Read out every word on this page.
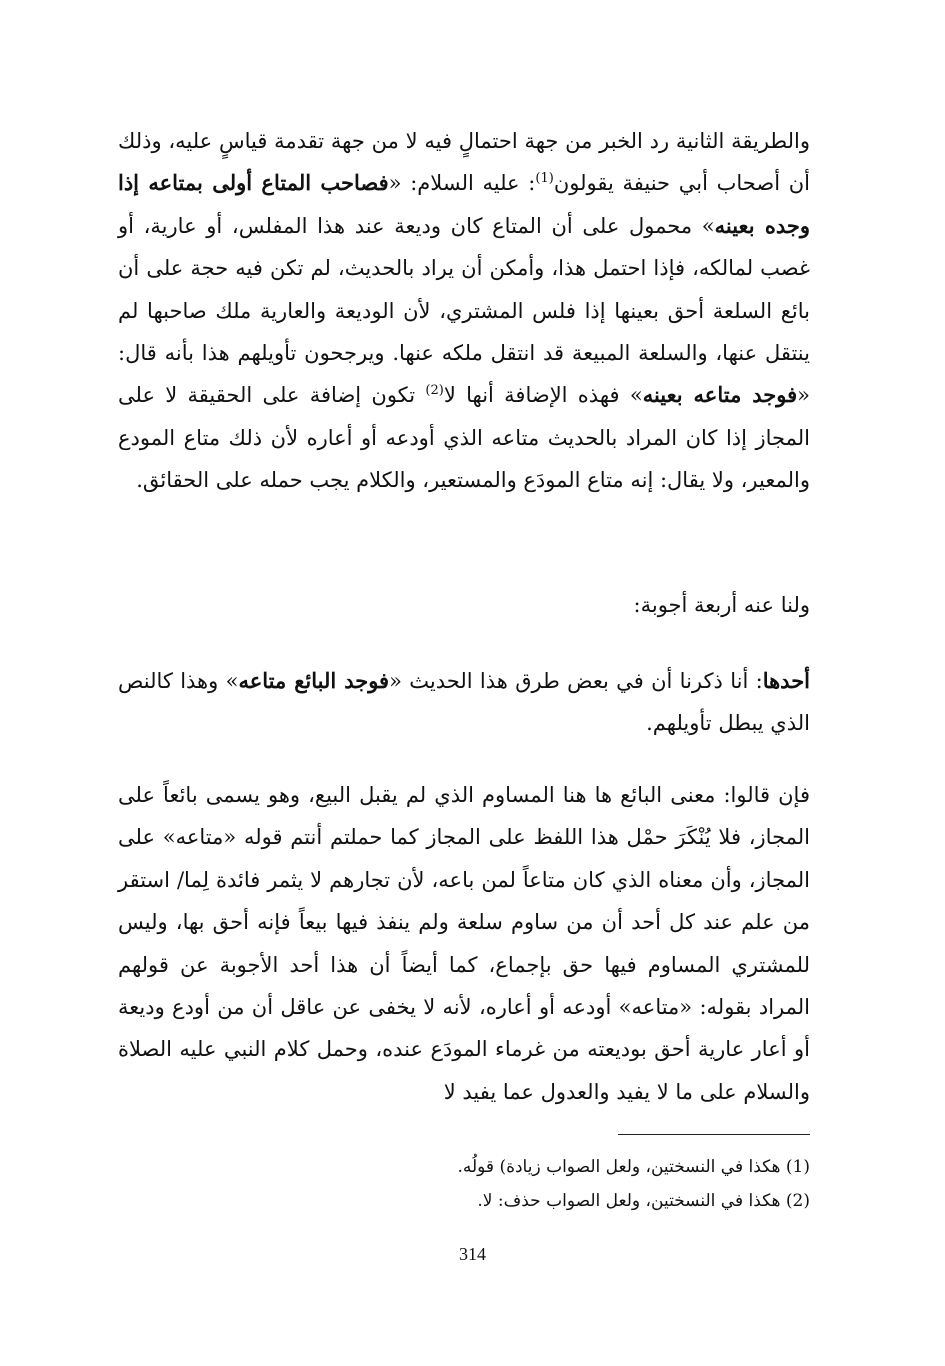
والطريقة الثانية رد الخبر من جهة احتمالٍ فيه لا من جهة تقدمة قياسٍ عليه، وذلك أن أصحاب أبي حنيفة يقولون$^{(1)}$: عليه السلام: «فصاحب المتاع أولى بمتاعه إذا وجده بعينه» محمول على أن المتاع كان وديعة عند هذا المفلس، أو عارية، أو غصب لمالكه، فإذا احتمل هذا، وأمكن أن يراد بالحديث، لم تكن فيه حجة على أن بائع السلعة أحق بعينها إذا فلس المشتري، لأن الوديعة والعارية ملك صاحبها لم ينتقل عنها، والسلعة المبيعة قد انتقل ملكه عنها. ويرجحون تأويلهم هذا بأنه قال: «فوجد متاعه بعينه» فهذه الإضافة أنها لا$^{(2)}$ تكون إضافة على الحقيقة لا على المجاز إذا كان المراد بالحديث متاعه الذي أودعه أو أعاره لأن ذلك متاع المودع والمعير، ولا يقال: إنه متاع المودَع والمستعير، والكلام يجب حمله على الحقائق.

ولنا عنه أربعة أجوبة:

أحدها: أنا ذكرنا أن في بعض طرق هذا الحديث «فوجد البائع متاعه» وهذا كالنص الذي يبطل تأويلهم.

فإن قالوا: معنى البائع ها هنا المساوم الذي لم يقبل البيع، وهو يسمى بائعاً على المجاز، فلا يُنْكَرَ حمْل هذا اللفظ على المجاز كما حملتم أنتم قوله «متاعه» على المجاز، وأن معناه الذي كان متاعاً لمن باعه، لأن تجارهم لا يثمر فائدة لِما/ استقر من علم عند كل أحد أن من ساوم سلعة ولم ينفذ فيها بيعاً فإنه أحق بها، وليس للمشتري المساوم فيها حق بإجماع، كما أيضاً أن هذا أحد الأجوبة عن قولهم المراد بقوله: «متاعه» أودعه أو أعاره، لأنه لا يخفى عن عاقل أن من أودع وديعة أو أعار عارية أحق بوديعته من غرماء المودَع عنده، وحمل كلام النبي عليه الصلاة والسلام على ما لا يفيد والعدول عما يفيد لا

(1) هكذا في النسختين، ولعل الصواب زيادة) قولُه.
(2) هكذا في النسختين، ولعل الصواب حذف: لا.
314
